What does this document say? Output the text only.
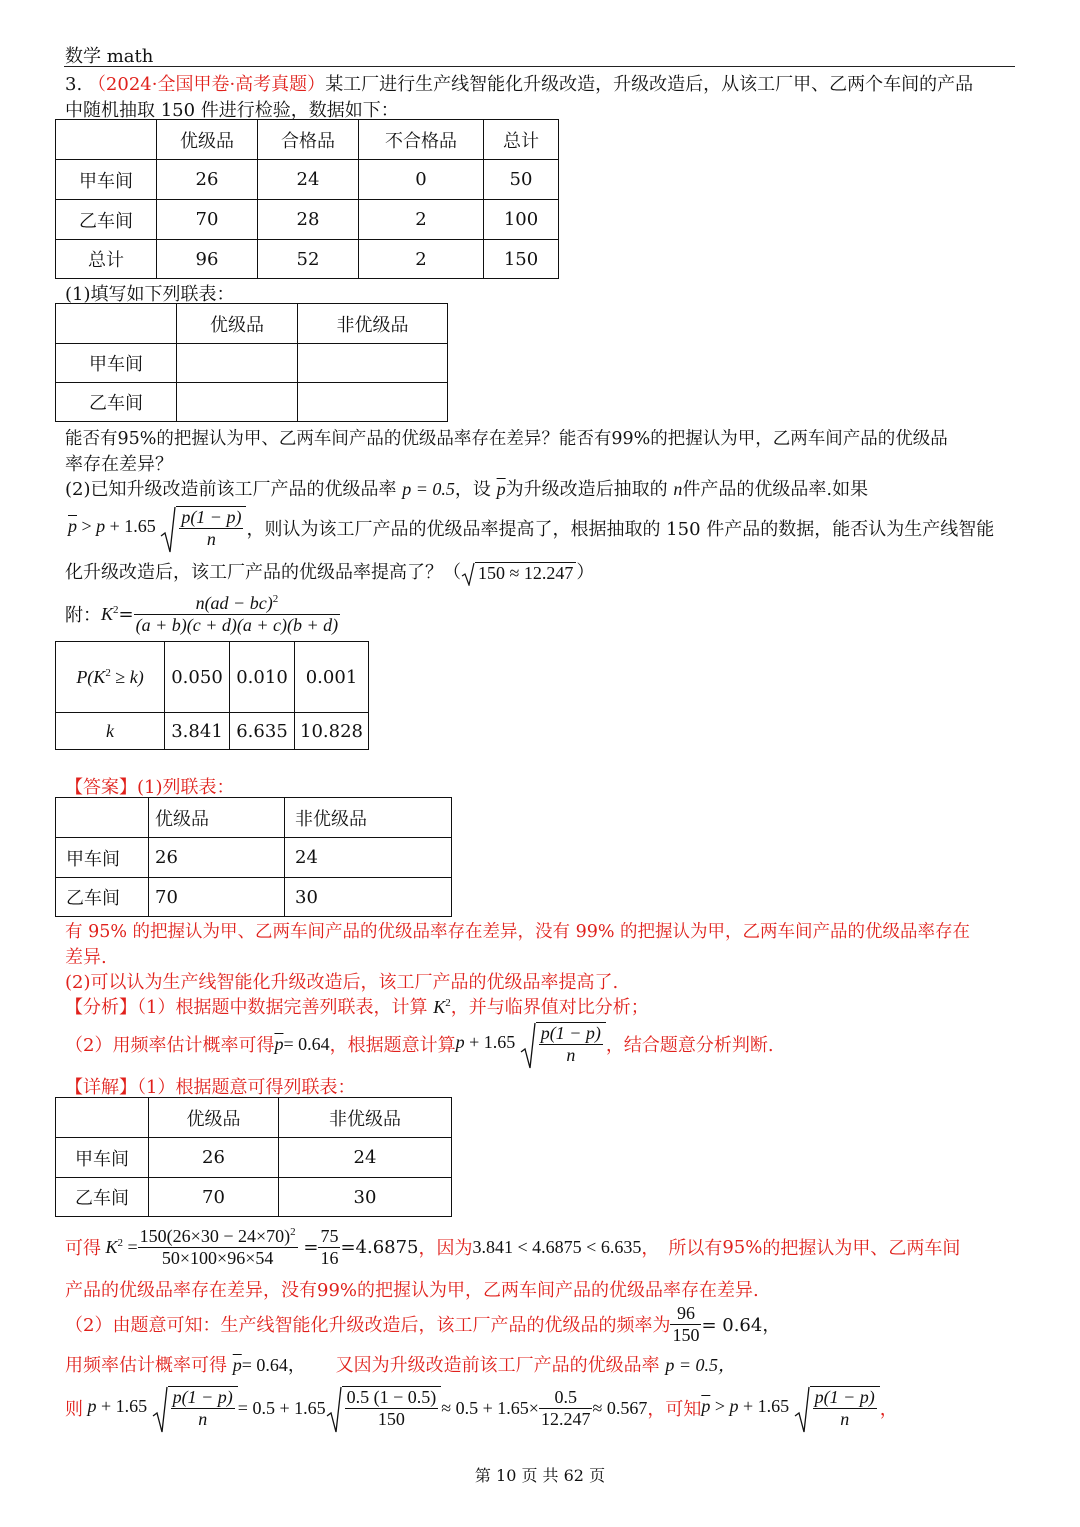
数学 math
3. （2024·全国甲卷·高考真题）某工厂进行生产线智能化升级改造，升级改造后，从该工厂甲、乙两个车间的产品
中随机抽取 150 件进行检验，数据如下：
	优级品	合格品	不合格品	总计
甲车间	26	24	0	50
乙车间	70	28	2	100
总计	96	52	2	150
(1)填写如下列联表：
	优级品	非优级品
甲车间		
乙车间		
能否有95%的把握认为甲、乙两车间产品的优级品率存在差异？能否有99%的把握认为甲，乙两车间产品的优级品
率存在差异？
(2)已知升级改造前该工厂产品的优级品率 p = 0.5，设 $\overline{p}$为升级改造后抽取的 n件产品的优级品率.如果
$\overline{p} > p + 1.65 \frac{p(1 - p)}{n}$ ，则认为该工厂产品的优级品率提高了，根据抽取的 150 件产品的数据，能否认为生产线智能
化升级改造后，该工厂产品的优级品率提高了？（ 150 ≈ 12.247 ）
附： $K^2 = \frac{n(ad - bc)^2}{(a + b)(c + d)(a + c)(b + d)}$
$P(K^2 \ge k)$	0.050	0.010	0.001
k	3.841	6.635	10.828
【答案】(1)列联表：
	优级品	非优级品
甲车间	26	24
乙车间	70	30
有 95% 的把握认为甲、乙两车间产品的优级品率存在差异，没有 99% 的把握认为甲，乙两车间产品的优级品率存在
差异.
(2)可以认为生产线智能化升级改造后，该工厂产品的优级品率提高了.
【分析】（1）根据题中数据完善列联表，计算 $K^2$，并与临界值对比分析；
（2）用频率估计概率可得 $\overline{p}= 0.64$ ，根据题意计算 $p + 1.65 \frac{p(1 - p)}{n}$ ，结合题意分析判断.
【详解】（1）根据题意可得列联表：
	优级品	非优级品
甲车间	26	24
乙车间	70	30
可得 $K^2 = \frac{150(26\times 30 - 24\times 70)^2}{50\times 100\times 96\times 54} = \frac{75}{16} =4.6875$ ，因为 3.841 < 4.6875 < 6.635 ，　所以有 95% 的把握认为甲、乙两车间
产品的优级品率存在差异，没有99%的把握认为甲，乙两车间产品的优级品率存在差异.
（2）由题意可知：生产线智能化升级改造后，该工厂产品的优级品的频率为 $\frac{96}{150} = 0.64$，
用频率估计概率可得 $\overline{p}= 0.64$， 又因为升级改造前该工厂产品的优级品率 p = 0.5，
则 $p + 1.65 \frac{p(1 - p)}{n} = 0.5 + 1.65 \frac{0.5 (1 - 0.5)}{150} \approx 0.5 + 1.65\times \frac{0.5}{12.247} \approx 0.567$ ，可知 $\overline{p} > p + 1.65 \frac{p(1 - p)}{n}$ ，
第 10 页 共 62 页
